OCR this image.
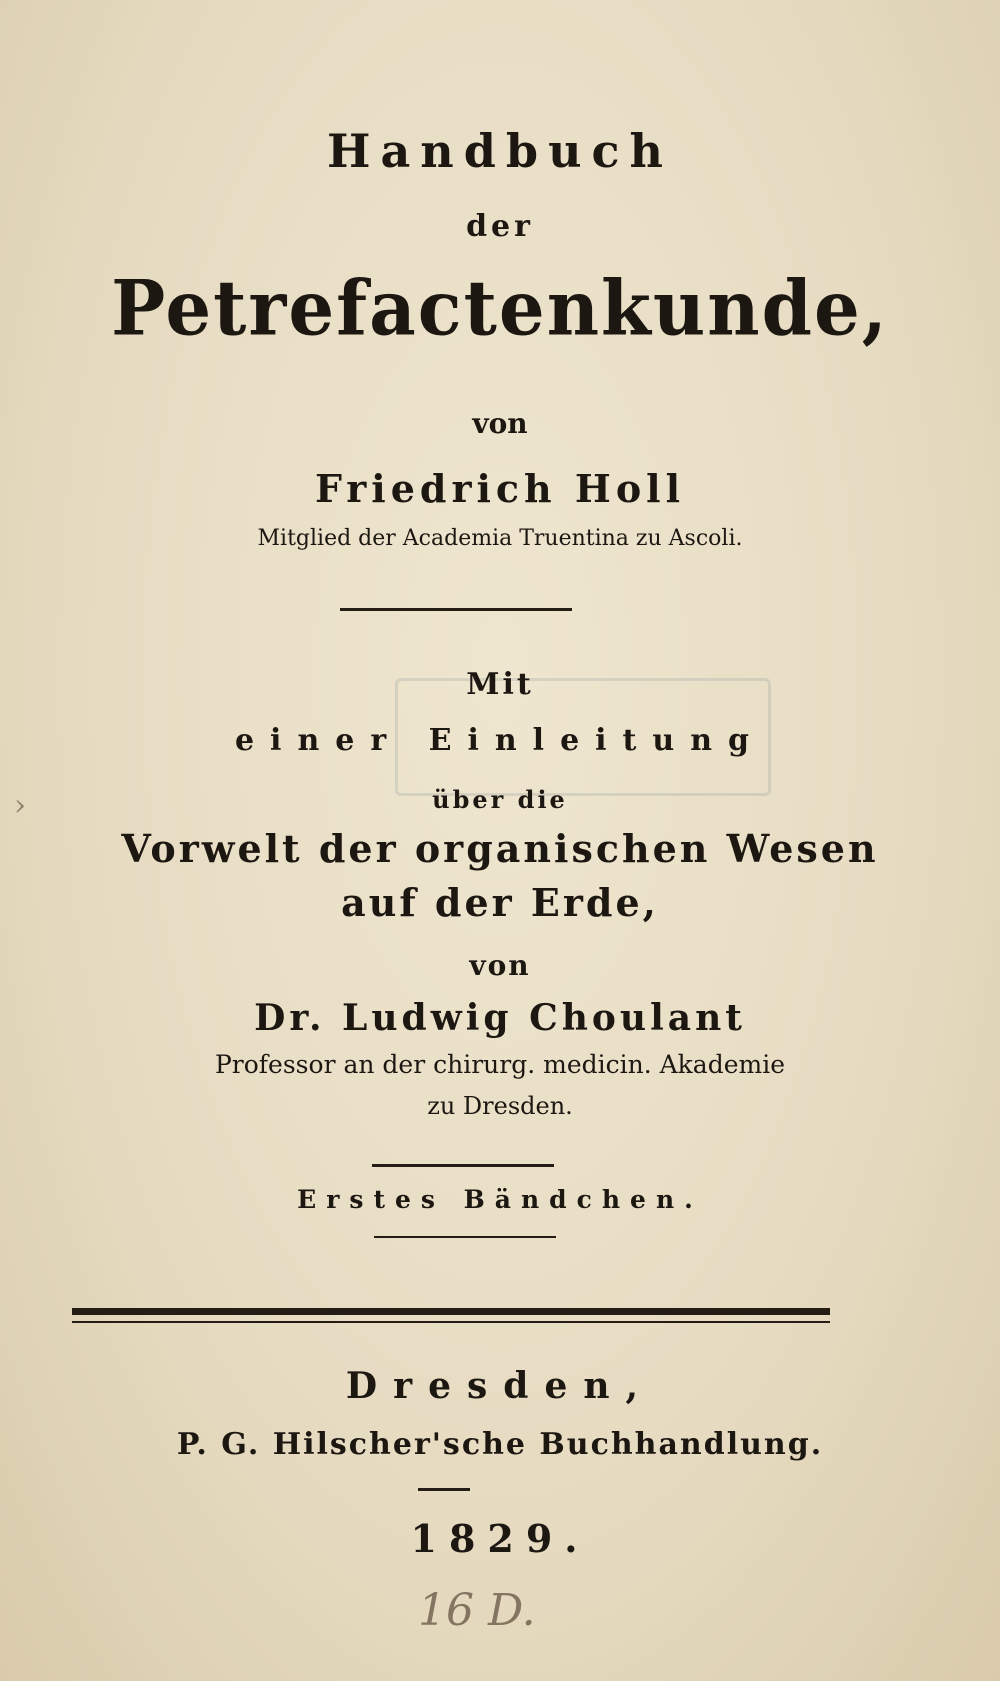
›
Handbuch
der
Petrefactenkunde,
von
Friedrich Holl
Mitglied der Academia Truentina zu Ascoli.
Mit
einer Einleitung
über die
Vorwelt der organischen Wesen
auf der Erde,
von
Dr. Ludwig Choulant
Professor an der chirurg. medicin. Akademie
zu Dresden.
Erstes Bändchen.
Dresden,
P. G. Hilscher'sche Buchhandlung.
1829.
16 D.
